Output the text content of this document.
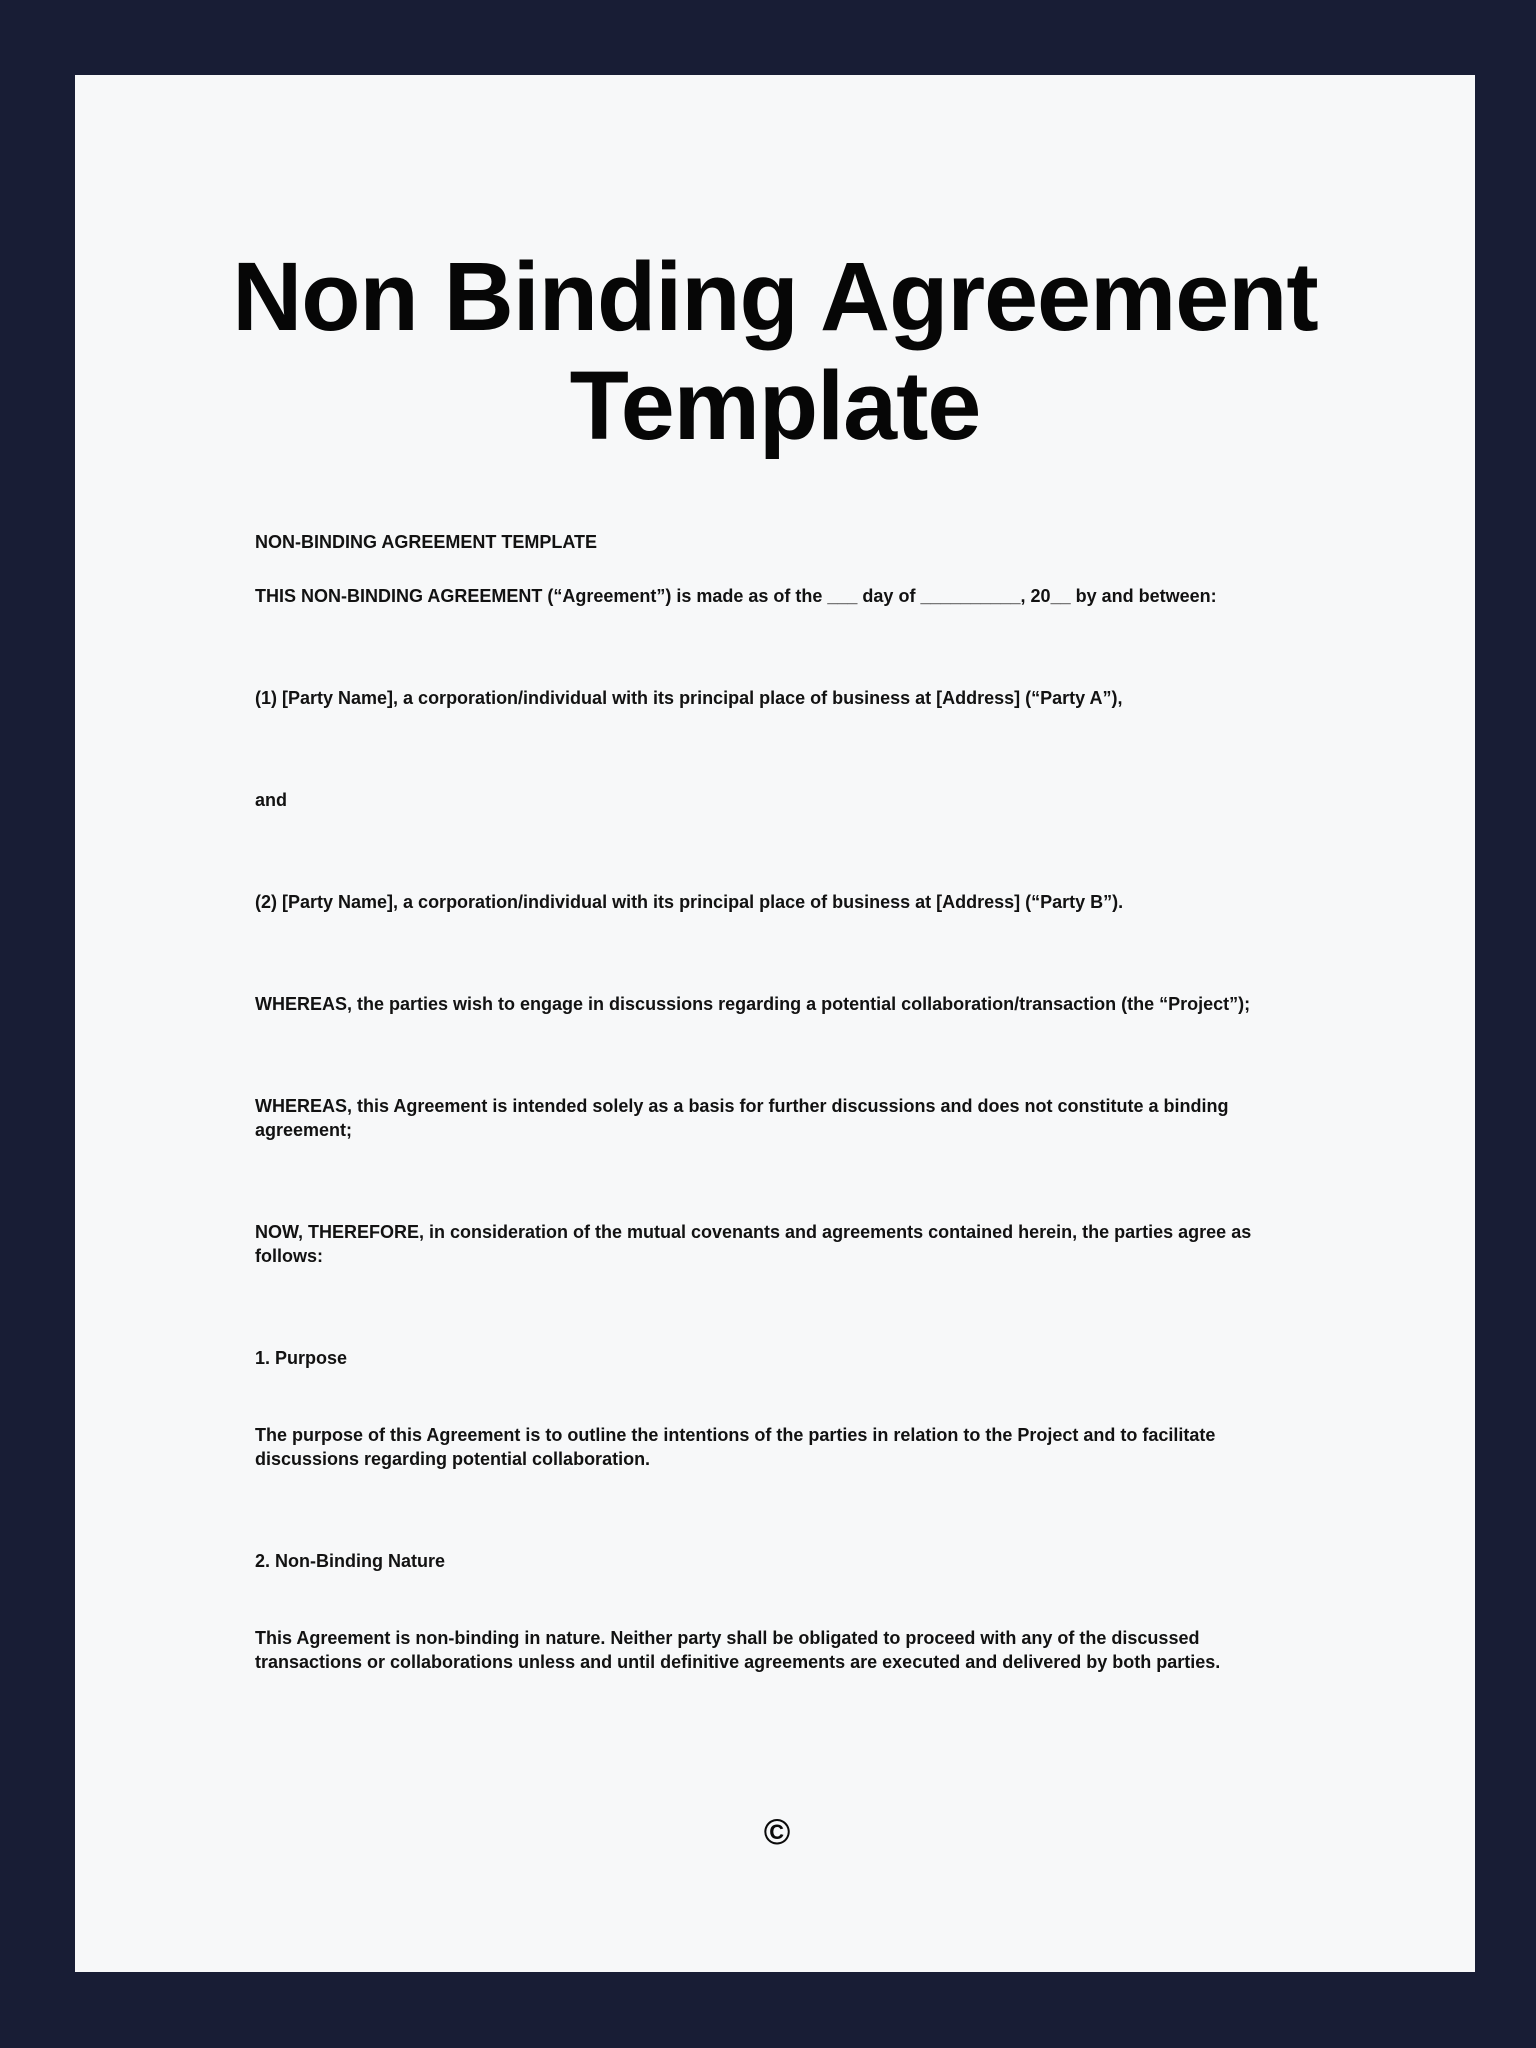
Non Binding Agreement
Template

NON-BINDING AGREEMENT TEMPLATE

THIS NON-BINDING AGREEMENT (“Agreement”) is made as of the ___ day of __________, 20__ by and between:

(1) [Party Name], a corporation/individual with its principal place of business at [Address] (“Party A”),

and

(2) [Party Name], a corporation/individual with its principal place of business at [Address] (“Party B”).

WHEREAS, the parties wish to engage in discussions regarding a potential collaboration/transaction (the “Project”);

WHEREAS, this Agreement is intended solely as a basis for further discussions and does not constitute a binding agreement;

NOW, THEREFORE, in consideration of the mutual covenants and agreements contained herein, the parties agree as follows:

1. Purpose

The purpose of this Agreement is to outline the intentions of the parties in relation to the Project and to facilitate discussions regarding potential collaboration.

2. Non-Binding Nature

This Agreement is non-binding in nature. Neither party shall be obligated to proceed with any of the discussed transactions or collaborations unless and until definitive agreements are executed and delivered by both parties.

©
